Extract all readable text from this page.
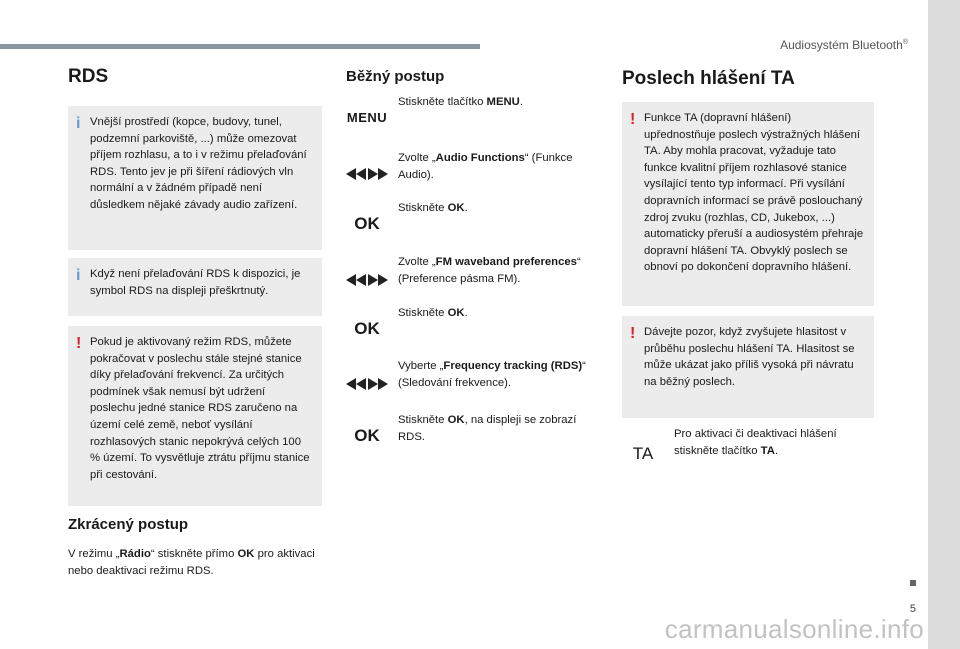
Audiosystém Bluetooth®
5
RDS
i Vnější prostředí (kopce, budovy, tunel, podzemní parkoviště, ...) může omezovat příjem rozhlasu, a to i v režimu přelaďování RDS. Tento jev je při šíření rádiových vln normální a v žádném případě není důsledkem nějaké závady audio zařízení.

i Když není přelaďování RDS k dispozici, je symbol RDS na displeji přeškrtnutý.

! Pokud je aktivovaný režim RDS, můžete pokračovat v poslechu stále stejné stanice díky přelaďování frekvencí. Za určitých podmínek však nemusí být udržení poslechu jedné stanice RDS zaručeno na území celé země, neboť vysílání rozhlasových stanic nepokrývá celých 100 % území. To vysvětluje ztrátu příjmu stanice při cestování.

Zkrácený postup

V režimu „Rádio“ stiskněte přímo OK pro aktivaci nebo deaktivaci režimu RDS.

Běžný postup
MENU
Stiskněte tlačítko MENU.
Zvolte „Audio Functions“ (Funkce Audio).
OK
Stiskněte OK.
Zvolte „FM waveband preferences“ (Preference pásma FM).
OK
Stiskněte OK.
Vyberte „Frequency tracking (RDS)“ (Sledování frekvence).
OK
Stiskněte OK, na displeji se zobrazí RDS.
Poslech hlášení TA
! Funkce TA (dopravní hlášení) upřednostňuje poslech výstražných hlášení TA. Aby mohla pracovat, vyžaduje tato funkce kvalitní příjem rozhlasové stanice vysílající tento typ informací. Při vysílání dopravních informací se právě poslouchaný zdroj zvuku (rozhlas, CD, Jukebox, ...) automaticky přeruší a audiosystém přehraje dopravní hlášení TA. Obvyklý poslech se obnoví po dokončení dopravního hlášení.

! Dávejte pozor, když zvyšujete hlasitost v průběhu poslechu hlášení TA. Hlasitost se může ukázat jako příliš vysoká při návratu na běžný poslech.

TA
Pro aktivaci či deaktivaci hlášení stiskněte tlačítko TA.
carmanualsonline.info
